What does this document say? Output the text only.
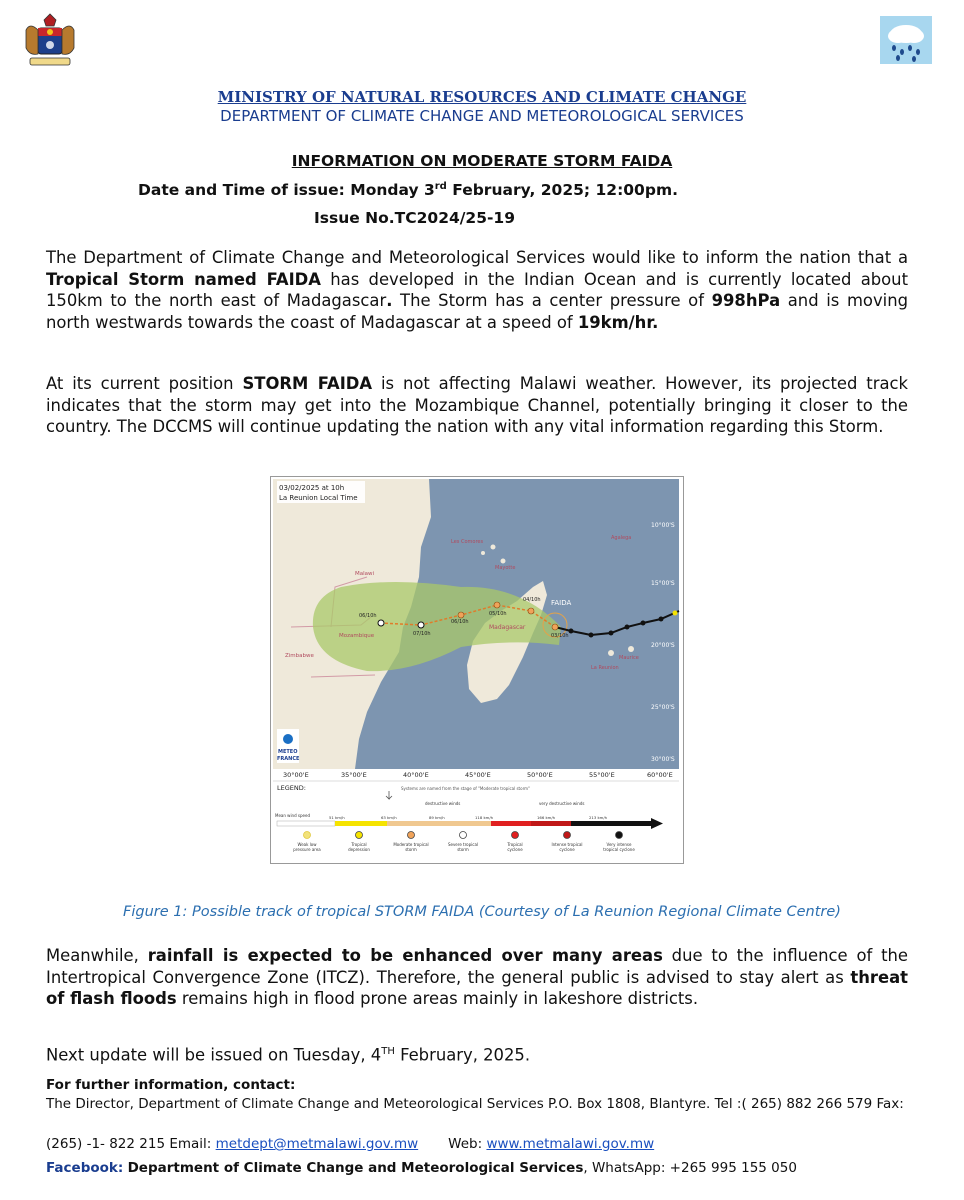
MINISTRY OF NATURAL RESOURCES AND CLIMATE CHANGE
DEPARTMENT OF CLIMATE CHANGE AND METEOROLOGICAL SERVICES
INFORMATION ON MODERATE STORM FAIDA
Date and Time of issue: Monday 3rd February, 2025; 12:00pm.
Issue No.TC2024/25-19
The Department of Climate Change and Meteorological Services would like to inform the nation that a Tropical Storm named FAIDA has developed in the Indian Ocean and is currently located about 150km to the north east of Madagascar. The Storm has a center pressure of 998hPa and is moving north westwards towards the coast of Madagascar at a speed of 19km/hr.
At its current position STORM FAIDA is not affecting Malawi weather. However, its projected track indicates that the storm may get into the Mozambique Channel, potentially bringing it closer to the country. The DCCMS will continue updating the nation with any vital information regarding this Storm.
03/02/2025 at 10h
La Reunion Local Time
Malawi
Mozambique
Zimbabwe
Madagascar
Les Comores
Mayotte
Agalega
Maurice
La Reunion
FAIDA
03/10h
04/10h
05/10h
06/10h
06/10h
07/10h
10°00'S
15°00'S
20°00'S
25°00'S
30°00'S
METEO
FRANCE
30°00'E	35°00'E	40°00'E	45°00'E	50°00'E	55°00'E	60°00'E
LEGEND:	Systems are named from the stage of "Moderate tropical storm"
destructive winds	very destructive winds
Mean wind speed	51 km/h	63 km/h	89 km/h	118 km/h	166 km/h	213 km/h
Weak low pressure area
Tropical depression
Moderate tropical storm
Severe tropical storm
Tropical cyclone
Intense tropical cyclone
Very intense tropical cyclone
Figure 1: Possible track of tropical STORM FAIDA (Courtesy of La Reunion Regional Climate Centre)
Meanwhile, rainfall is expected to be enhanced over many areas due to the influence of the Intertropical Convergence Zone (ITCZ). Therefore, the general public is advised to stay alert as threat of flash floods remains high in flood prone areas mainly in lakeshore districts.
Next update will be issued on Tuesday, 4TH February, 2025.
For further information, contact:
The Director, Department of Climate Change and Meteorological Services P.O. Box 1808, Blantyre. Tel :( 265) 882 266 579 Fax:
(265) -1- 822 215 Email: metdept@metmalawi.gov.mw Web: www.metmalawi.gov.mw
Facebook: Department of Climate Change and Meteorological Services, WhatsApp: +265 995 155 050
